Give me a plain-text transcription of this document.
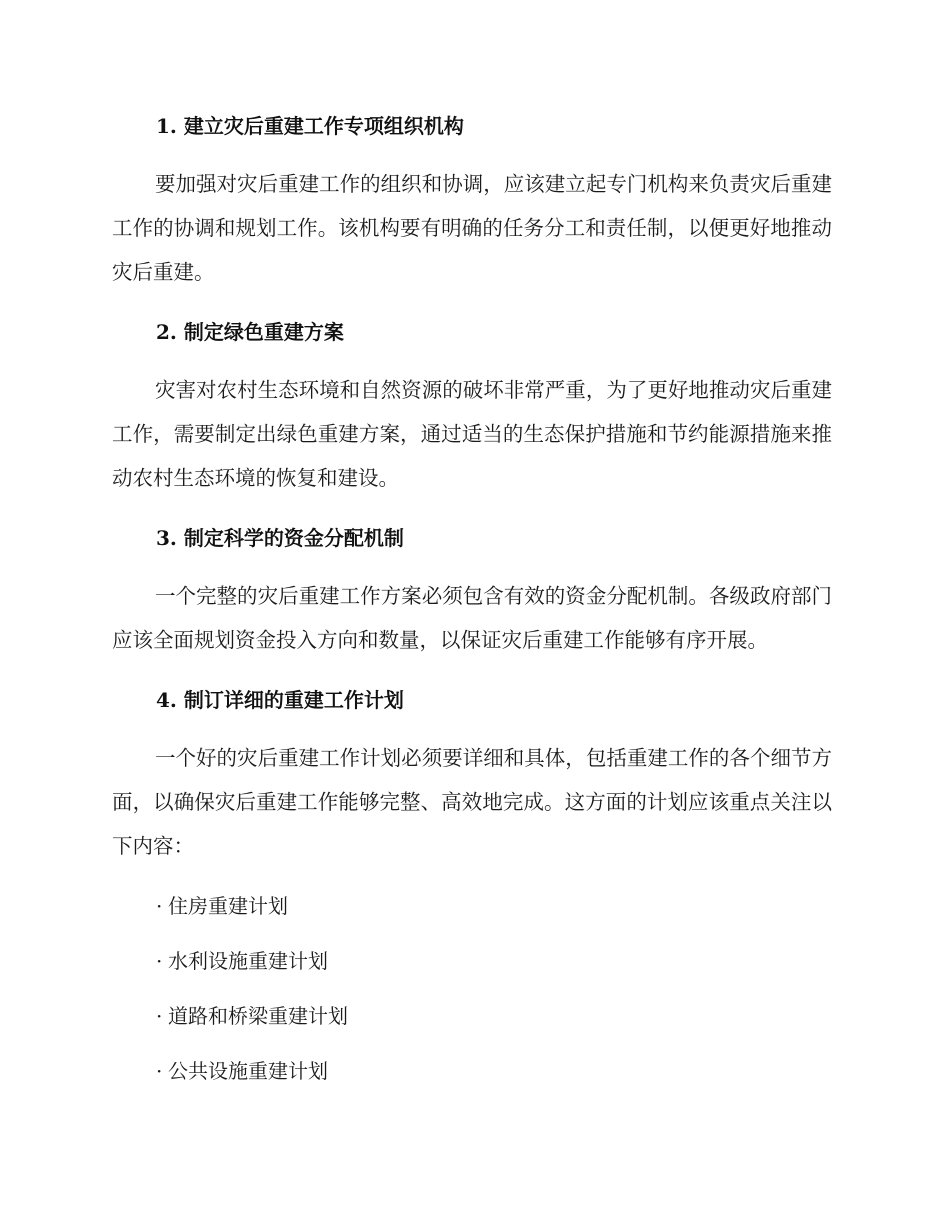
1. 建立灾后重建工作专项组织机构

要加强对灾后重建工作的组织和协调，应该建立起专门机构来负责灾后重建工作的协调和规划工作。该机构要有明确的任务分工和责任制，以便更好地推动灾后重建。

2. 制定绿色重建方案

灾害对农村生态环境和自然资源的破坏非常严重，为了更好地推动灾后重建工作，需要制定出绿色重建方案，通过适当的生态保护措施和节约能源措施来推动农村生态环境的恢复和建设。

3. 制定科学的资金分配机制

一个完整的灾后重建工作方案必须包含有效的资金分配机制。各级政府部门应该全面规划资金投入方向和数量，以保证灾后重建工作能够有序开展。

4. 制订详细的重建工作计划

一个好的灾后重建工作计划必须要详细和具体，包括重建工作的各个细节方面，以确保灾后重建工作能够完整、高效地完成。这方面的计划应该重点关注以下内容：

· 住房重建计划
· 水利设施重建计划
· 道路和桥梁重建计划
· 公共设施重建计划
